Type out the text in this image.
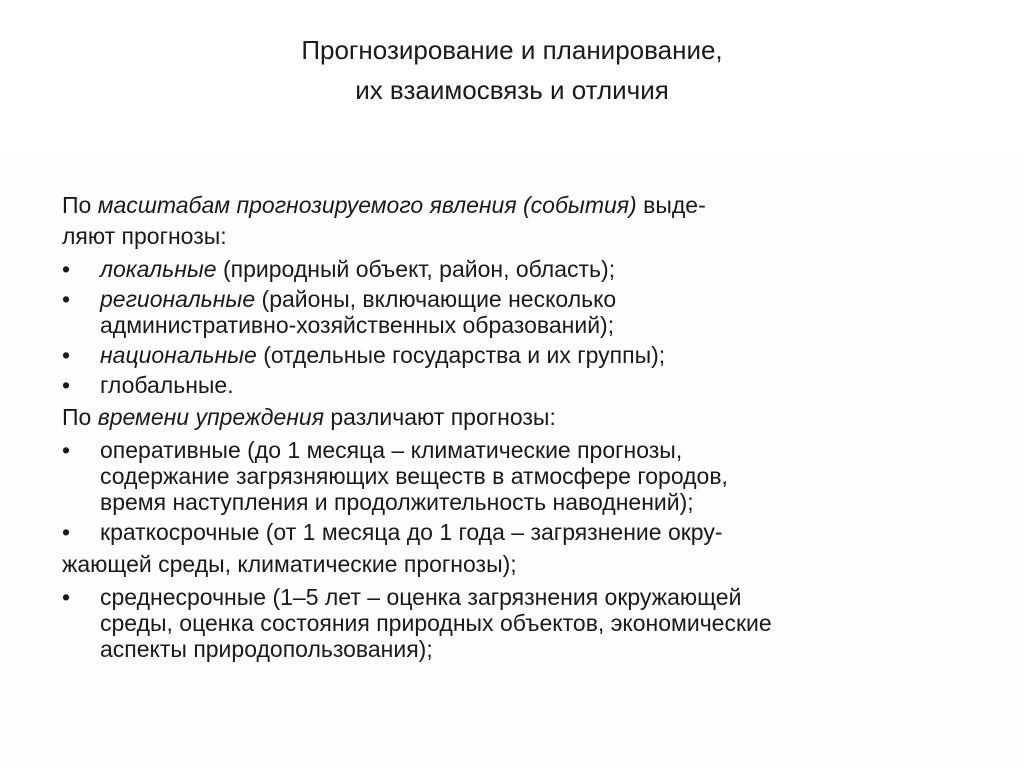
Прогнозирование и планирование,
их взаимосвязь и отличия
По масштабам прогнозируемого явления (события) выде-
ляют прогнозы:
• локальные (природный объект, район, область);
• региональные (районы, включающие несколько
административно-хозяйственных образований);
• национальные (отдельные государства и их группы);
• глобальные.
По времени упреждения различают прогнозы:
• оперативные (до 1 месяца – климатические прогнозы,
содержание загрязняющих веществ в атмосфере городов,
время наступления и продолжительность наводнений);
• краткосрочные (от 1 месяца до 1 года – загрязнение окру-
жающей среды, климатические прогнозы);
• среднесрочные (1–5 лет – оценка загрязнения окружающей
среды, оценка состояния природных объектов, экономические
аспекты природопользования);
